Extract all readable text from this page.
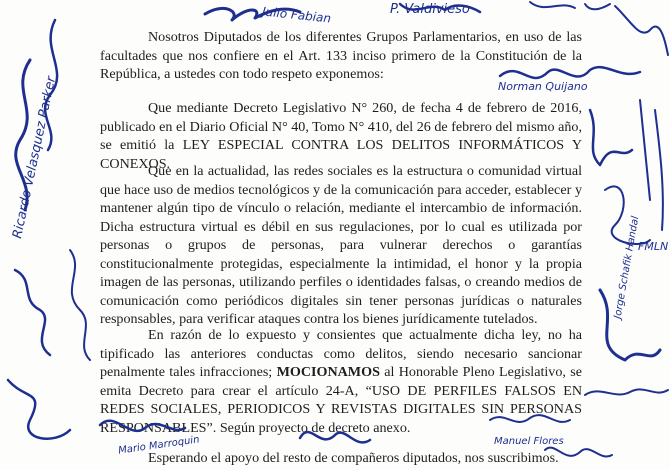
Nosotros Diputados de los diferentes Grupos Parlamentarios, en uso de las facultades que nos confiere en el Art. 133 inciso primero de la Constitución de la República, a ustedes con todo respeto exponemos:

Que mediante Decreto Legislativo N° 260, de fecha 4 de febrero de 2016, publicado en el Diario Oficial N° 40, Tomo N° 410, del 26 de febrero del mismo año, se emitió la LEY ESPECIAL CONTRA LOS DELITOS INFORMÁTICOS Y CONEXOS.

Que en la actualidad, las redes sociales es la estructura o comunidad virtual que hace uso de medios tecnológicos y de la comunicación para acceder, establecer y mantener algún tipo de vínculo o relación, mediante el intercambio de información. Dicha estructura virtual es débil en sus regulaciones, por lo cual es utilizada por personas o grupos de personas, para vulnerar derechos o garantías constitucionalmente protegidas, especialmente la intimidad, el honor y la propia imagen de las personas, utilizando perfiles o identidades falsas, o creando medios de comunicación como periódicos digitales sin tener personas jurídicas o naturales responsables, para verificar ataques contra los bienes jurídicamente tutelados.

En razón de lo expuesto y consientes que actualmente dicha ley, no ha tipificado las anteriores conductas como delitos, siendo necesario sancionar penalmente tales infracciones; MOCIONAMOS al Honorable Pleno Legislativo, se emita Decreto para crear el artículo 24-A, “USO DE PERFILES FALSOS EN REDES SOCIALES, PERIODICOS Y REVISTAS DIGITALES SIN PERSONAS RESPONSABLES”. Según proyecto de decreto anexo.

Esperando el apoyo del resto de compañeros diputados, nos suscribimos.

Julio Fabian	P. Valdivieso
Norman Quijano
Ricardo Velasquez Parker
Jorge Schafik Handal
FMLN
Manuel Flores
Mario Marroquin
